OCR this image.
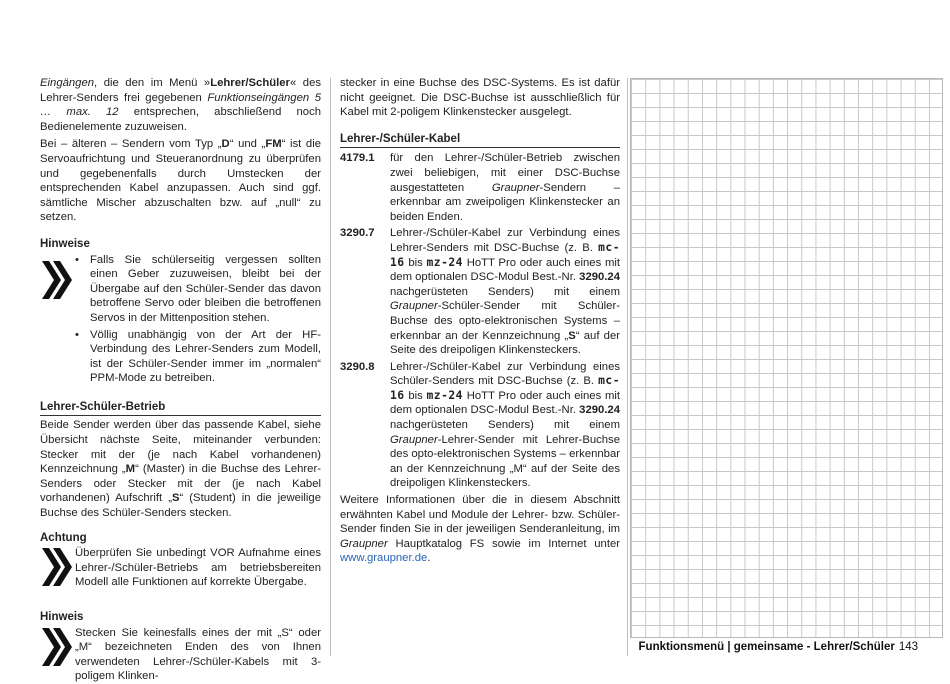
Eingängen, die den im Menü »Lehrer/Schüler« des Lehrer-Senders frei gegebenen Funktionseingängen 5 … max. 12 entsprechen, abschließend noch Bedienelemente zuzuweisen.

Bei – älteren – Sendern vom Typ „D“ und „FM“ ist die Servoaufrichtung und Steueranordnung zu überprüfen und gegebenenfalls durch Umstecken der entsprechenden Kabel anzupassen. Auch sind ggf. sämtliche Mischer abzuschalten bzw. auf „null“ zu setzen.

Hinweise
• Falls Sie schülerseitig vergessen sollten einen Geber zuzuweisen, bleibt bei der Übergabe auf den Schüler-Sender das davon betroffene Servo oder bleiben die betroffenen Servos in der Mittenposition stehen.
• Völlig unabhängig von der Art der HF-Verbindung des Lehrer-Senders zum Modell, ist der Schüler-Sender immer im „normalen“ PPM-Mode zu betreiben.
Lehrer-Schüler-Betrieb

Beide Sender werden über das passende Kabel, siehe Übersicht nächste Seite, miteinander verbunden: Stecker mit der (je nach Kabel vorhandenen) Kennzeichnung „M“ (Master) in die Buchse des Lehrer-Senders oder Stecker mit der (je nach Kabel vorhandenen) Aufschrift „S“ (Student) in die jeweilige Buchse des Schüler-Senders stecken.

Achtung
Überprüfen Sie unbedingt VOR Aufnahme eines Lehrer-/Schüler-Betriebs am betriebsbereiten Modell alle Funktionen auf korrekte Übergabe.
Hinweis
Stecken Sie keinesfalls eines der mit „S“ oder „M“ bezeichneten Enden des von Ihnen verwendeten Lehrer-/Schüler-Kabels mit 3-poligem Klinken-

stecker in eine Buchse des DSC-Systems. Es ist dafür nicht geeignet. Die DSC-Buchse ist ausschließlich für Kabel mit 2-poligem Klinkenstecker ausgelegt.

Lehrer-/Schüler-Kabel
4179.1 für den Lehrer-/Schüler-Betrieb zwischen zwei beliebigen, mit einer DSC-Buchse ausgestatteten Graupner-Sendern – erkennbar am zweipoligen Klinkenstecker an beiden Enden.
3290.7 Lehrer-/Schüler-Kabel zur Verbindung eines Lehrer-Senders mit DSC-Buchse (z. B. mc-16 bis mz-24 HoTT Pro oder auch eines mit dem optionalen DSC-Modul Best.-Nr. 3290.24 nachgerüsteten Senders) mit einem Graupner-Schüler-Sender mit Schüler-Buchse des opto-elektronischen Systems – erkennbar an der Kennzeichnung „S“ auf der Seite des dreipoligen Klinkensteckers.
3290.8 Lehrer-/Schüler-Kabel zur Verbindung eines Schüler-Senders mit DSC-Buchse (z. B. mc-16 bis mz-24 HoTT Pro oder auch eines mit dem optionalen DSC-Modul Best.-Nr. 3290.24 nachgerüsteten Senders) mit einem Graupner-Lehrer-Sender mit Lehrer-Buchse des opto-elektronischen Systems – erkennbar an der Kennzeichnung „M“ auf der Seite des dreipoligen Klinkensteckers.

Weitere Informationen über die in diesem Abschnitt erwähnten Kabel und Module der Lehrer- bzw. Schüler-Sender finden Sie in der jeweiligen Senderanleitung, im Graupner Hauptkatalog FS sowie im Internet unter www.graupner.de.

Funktionsmenü | gemeinsame - Lehrer/Schüler 143
